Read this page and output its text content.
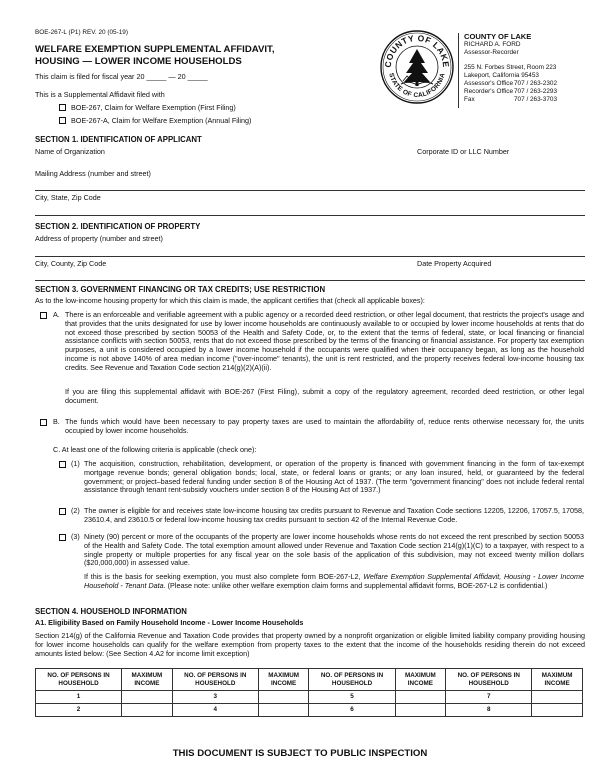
BOE-267-L (P1) REV. 20 (05-19)
WELFARE EXEMPTION SUPPLEMENTAL AFFIDAVIT,
HOUSING — LOWER INCOME HOUSEHOLDS
This claim is filed for fiscal year 20 _____ — 20 _____
This is a Supplemental Affidavit filed with
BOE-267, Claim for Welfare Exemption (First Filing)
BOE-267-A, Claim for Welfare Exemption (Annual Filing)
COUNTY OF LAKE
STATE OF CALIFORNIA
COUNTY OF LAKE
RICHARD A. FORD
Assessor-Recorder
255 N. Forbes Street, Room 223
Lakeport, California 95453
Assessor's Office707 / 263-2302
Recorder's Office707 / 263-2293
Fax	707 / 263-3703
SECTION 1. IDENTIFICATION OF APPLICANT
Name of Organization	Corporate ID or LLC Number
Mailing Address (number and street)
City, State, Zip Code
SECTION 2. IDENTIFICATION OF PROPERTY
Address of property (number and street)
City, County, Zip Code	Date Property Acquired
SECTION 3. GOVERNMENT FINANCING OR TAX CREDITS; USE RESTRICTION
As to the low-income housing property for which this claim is made, the applicant certifies that (check all applicable boxes):
A. There is an enforceable and verifiable agreement with a public agency or a recorded deed restriction, or other legal document, that restricts the project's usage and that provides that the units designated for use by lower income households are continuously available to or occupied by lower income households at rents that do not exceed those prescribed by section 50053 of the Health and Safety Code, or, to the extent that the terms of federal, state, or local financing or financial assistance conflicts with section 50053, rents that do not exceed those prescribed by the terms of the financing or financial assistance. For property tax exemption purposes, a unit is considered occupied by a lower income household if the occupants were qualified when their occupancy began, as long as the household income is not above 140% of area median income ("over-income" tenants), the unit is rent restricted, and the property receives federal low-income housing tax credits. See Revenue and Taxation Code section 214(g)(2)(A)(ii).
If you are filing this supplemental affidavit with BOE-267 (First Filing), submit a copy of the regulatory agreement, recorded deed restriction, or other legal document.
B. The funds which would have been necessary to pay property taxes are used to maintain the affordability of, reduce rents otherwise necessary for, the units occupied by lower income households.
C. At least one of the following criteria is applicable (check one):
(1) The acquisition, construction, rehabilitation, development, or operation of the property is financed with government financing in the form of tax-exempt mortgage revenue bonds; general obligation bonds; local, state, or federal loans or grants; or any loan insured, held, or guaranteed by the federal government; or project–based federal funding under section 8 of the Housing Act of 1937. (The term "government financing" does not include federal rental assistance through tenant rent-subsidy vouchers under section 8 of the Housing Act of 1937.)
(2) The owner is eligible for and receives state low-income housing tax credits pursuant to Revenue and Taxation Code sections 12205, 12206, 17057.5, 17058, 23610.4, and 23610.5 or federal low-income housing tax credits pursuant to section 42 of the Internal Revenue Code.
(3) Ninety (90) percent or more of the occupants of the property are lower income households whose rents do not exceed the rent prescribed by section 50053 of the Health and Safety Code. The total exemption amount allowed under Revenue and Taxation Code section 214(g)(1)(C) to a taxpayer, with respect to a single property or multiple properties for any fiscal year on the sole basis of the application of this subdivision, may not exceed twenty million dollars ($20,000,000) in assessed value.
If this is the basis for seeking exemption, you must also complete form BOE-267-L2, Welfare Exemption Supplemental Affidavit, Housing - Lower Income Household - Tenant Data. (Please note: unlike other welfare exemption claim forms and supplemental affidavit forms, BOE-267-L2 is confidential.)
SECTION 4. HOUSEHOLD INFORMATION
A1. Eligibility Based on Family Household Income - Lower Income Households
Section 214(g) of the California Revenue and Taxation Code provides that property owned by a nonprofit organization or eligible limited liability company providing housing for lower income households can qualify for the welfare exemption from property taxes to the extent that the income of the households residing therein do not exceed amounts listed below: (See Section 4.A2 for income limit exception)
NO. OF PERSONS IN HOUSEHOLD	MAXIMUM INCOME	NO. OF PERSONS IN HOUSEHOLD	MAXIMUM INCOME	NO. OF PERSONS IN HOUSEHOLD	MAXIMUM INCOME	NO. OF PERSONS IN HOUSEHOLD	MAXIMUM INCOME
1		3		5		7	
2		4		6		8	
THIS DOCUMENT IS SUBJECT TO PUBLIC INSPECTION
